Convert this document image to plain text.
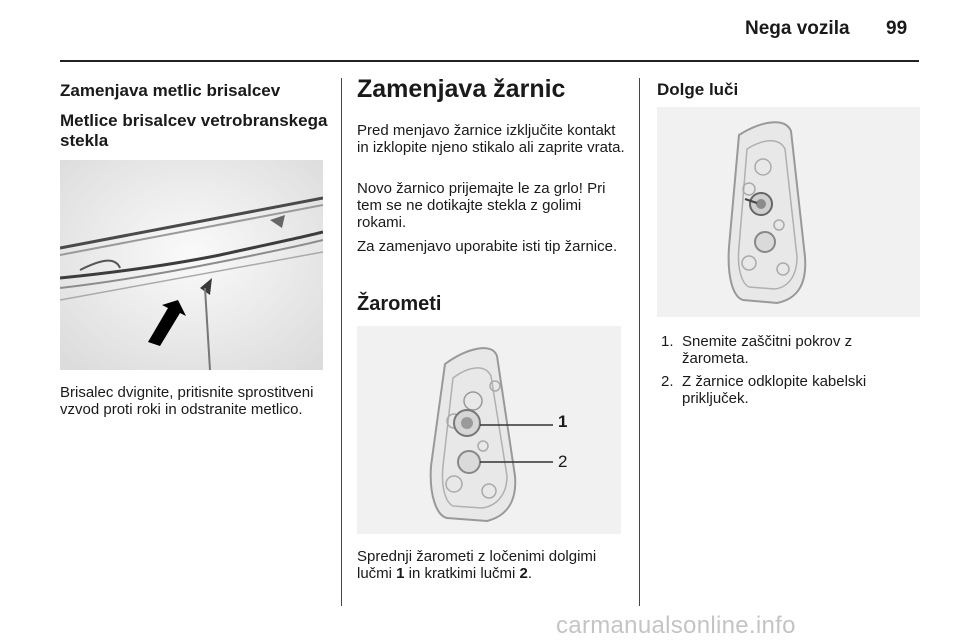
Nega vozila 99
Zamenjava metlic brisalcev
Metlice brisalcev vetrobranskega stekla

Brisalec dvignite, pritisnite sprostitveni vzvod proti roki in odstranite metlico.

Zamenjava žarnic

Pred menjavo žarnice izključite kontakt in izklopite njeno stikalo ali zaprite vrata.

Novo žarnico prijemajte le za grlo! Pri tem se ne dotikajte stekla z golimi rokami.

Za zamenjavo uporabite isti tip žarnice.

Žarometi
1
2

Sprednji žarometi z ločenimi dolgimi lučmi 1 in kratkimi lučmi 2.

Dolge luči
1. Snemite zaščitni pokrov z žarometa.
2. Z žarnice odklopite kabelski priključek.
carmanualsonline.info
